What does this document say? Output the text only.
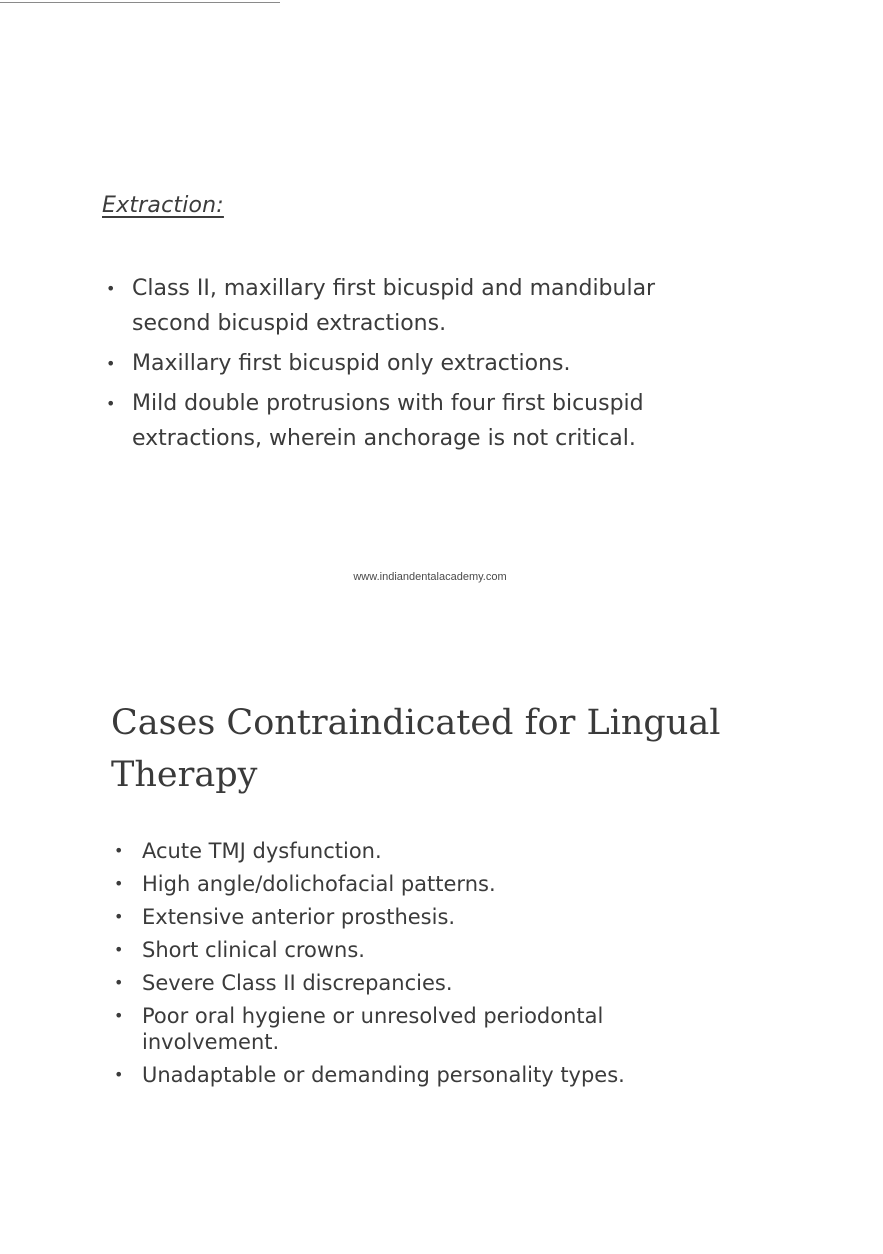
Extraction:
• Class II, maxillary first bicuspid and mandibular second bicuspid extractions.
• Maxillary first bicuspid only extractions.
• Mild double protrusions with four first bicuspid extractions, wherein anchorage is not critical.
www.indiandentalacademy.com
Cases Contraindicated for Lingual Therapy
• Acute TMJ dysfunction.
• High angle/dolichofacial patterns.
• Extensive anterior prosthesis.
• Short clinical crowns.
• Severe Class II discrepancies.
• Poor oral hygiene or unresolved periodontal involvement.
• Unadaptable or demanding personality types.
